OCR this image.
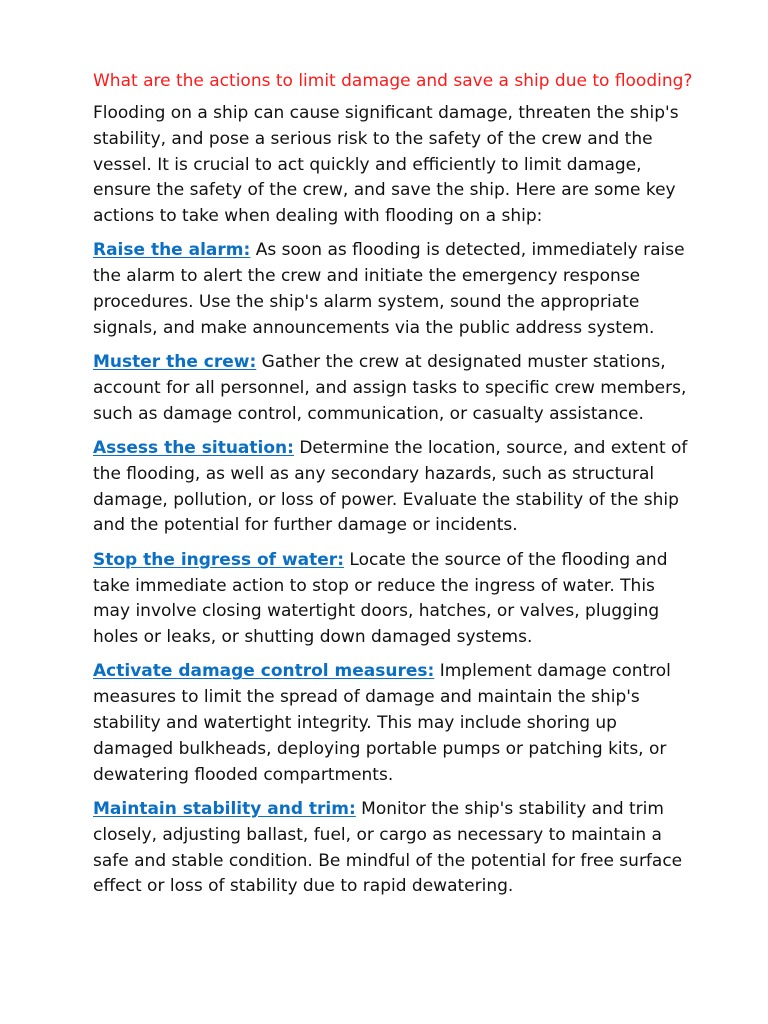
What are the actions to limit damage and save a ship due to flooding?

Flooding on a ship can cause significant damage, threaten the ship's stability, and pose a serious risk to the safety of the crew and the vessel. It is crucial to act quickly and efficiently to limit damage, ensure the safety of the crew, and save the ship. Here are some key actions to take when dealing with flooding on a ship:

Raise the alarm: As soon as flooding is detected, immediately raise the alarm to alert the crew and initiate the emergency response procedures. Use the ship's alarm system, sound the appropriate signals, and make announcements via the public address system.

Muster the crew: Gather the crew at designated muster stations, account for all personnel, and assign tasks to specific crew members, such as damage control, communication, or casualty assistance.

Assess the situation: Determine the location, source, and extent of the flooding, as well as any secondary hazards, such as structural damage, pollution, or loss of power. Evaluate the stability of the ship and the potential for further damage or incidents.

Stop the ingress of water: Locate the source of the flooding and take immediate action to stop or reduce the ingress of water. This may involve closing watertight doors, hatches, or valves, plugging holes or leaks, or shutting down damaged systems.

Activate damage control measures: Implement damage control measures to limit the spread of damage and maintain the ship's stability and watertight integrity. This may include shoring up damaged bulkheads, deploying portable pumps or patching kits, or dewatering flooded compartments.

Maintain stability and trim: Monitor the ship's stability and trim closely, adjusting ballast, fuel, or cargo as necessary to maintain a safe and stable condition. Be mindful of the potential for free surface effect or loss of stability due to rapid dewatering.
